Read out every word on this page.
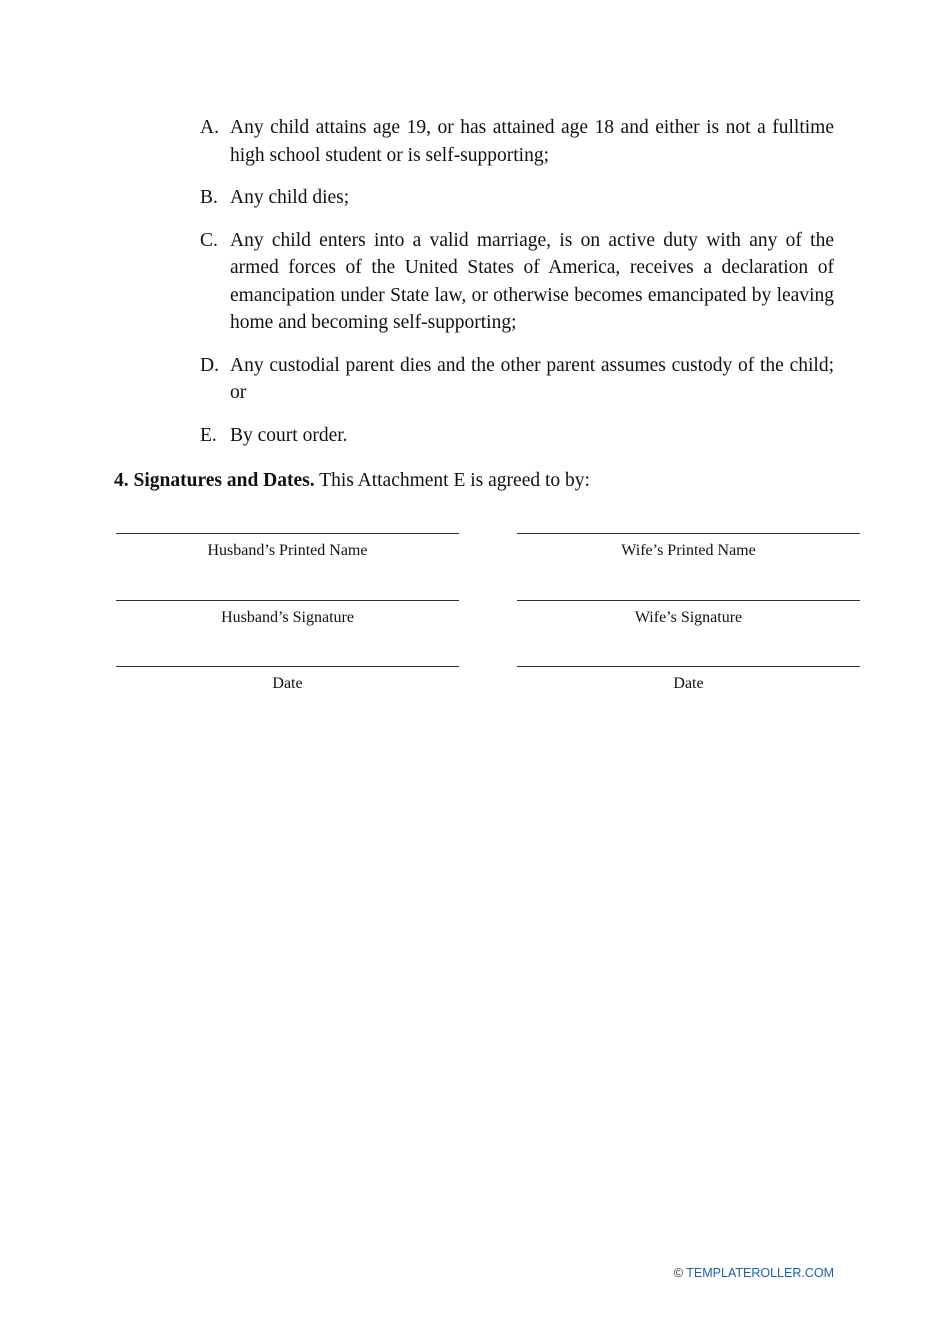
A. Any child attains age 19, or has attained age 18 and either is not a fulltime high school student or is self-supporting;
B. Any child dies;
C. Any child enters into a valid marriage, is on active duty with any of the armed forces of the United States of America, receives a declaration of emancipation under State law, or otherwise becomes emancipated by leaving home and becoming self-supporting;
D. Any custodial parent dies and the other parent assumes custody of the child; or
E. By court order.

4. Signatures and Dates. This Attachment E is agreed to by:

Husband’s Printed Name	Wife’s Printed Name
Husband’s Signature	Wife’s Signature
Date	Date
© TEMPLATEROLLER.COM
